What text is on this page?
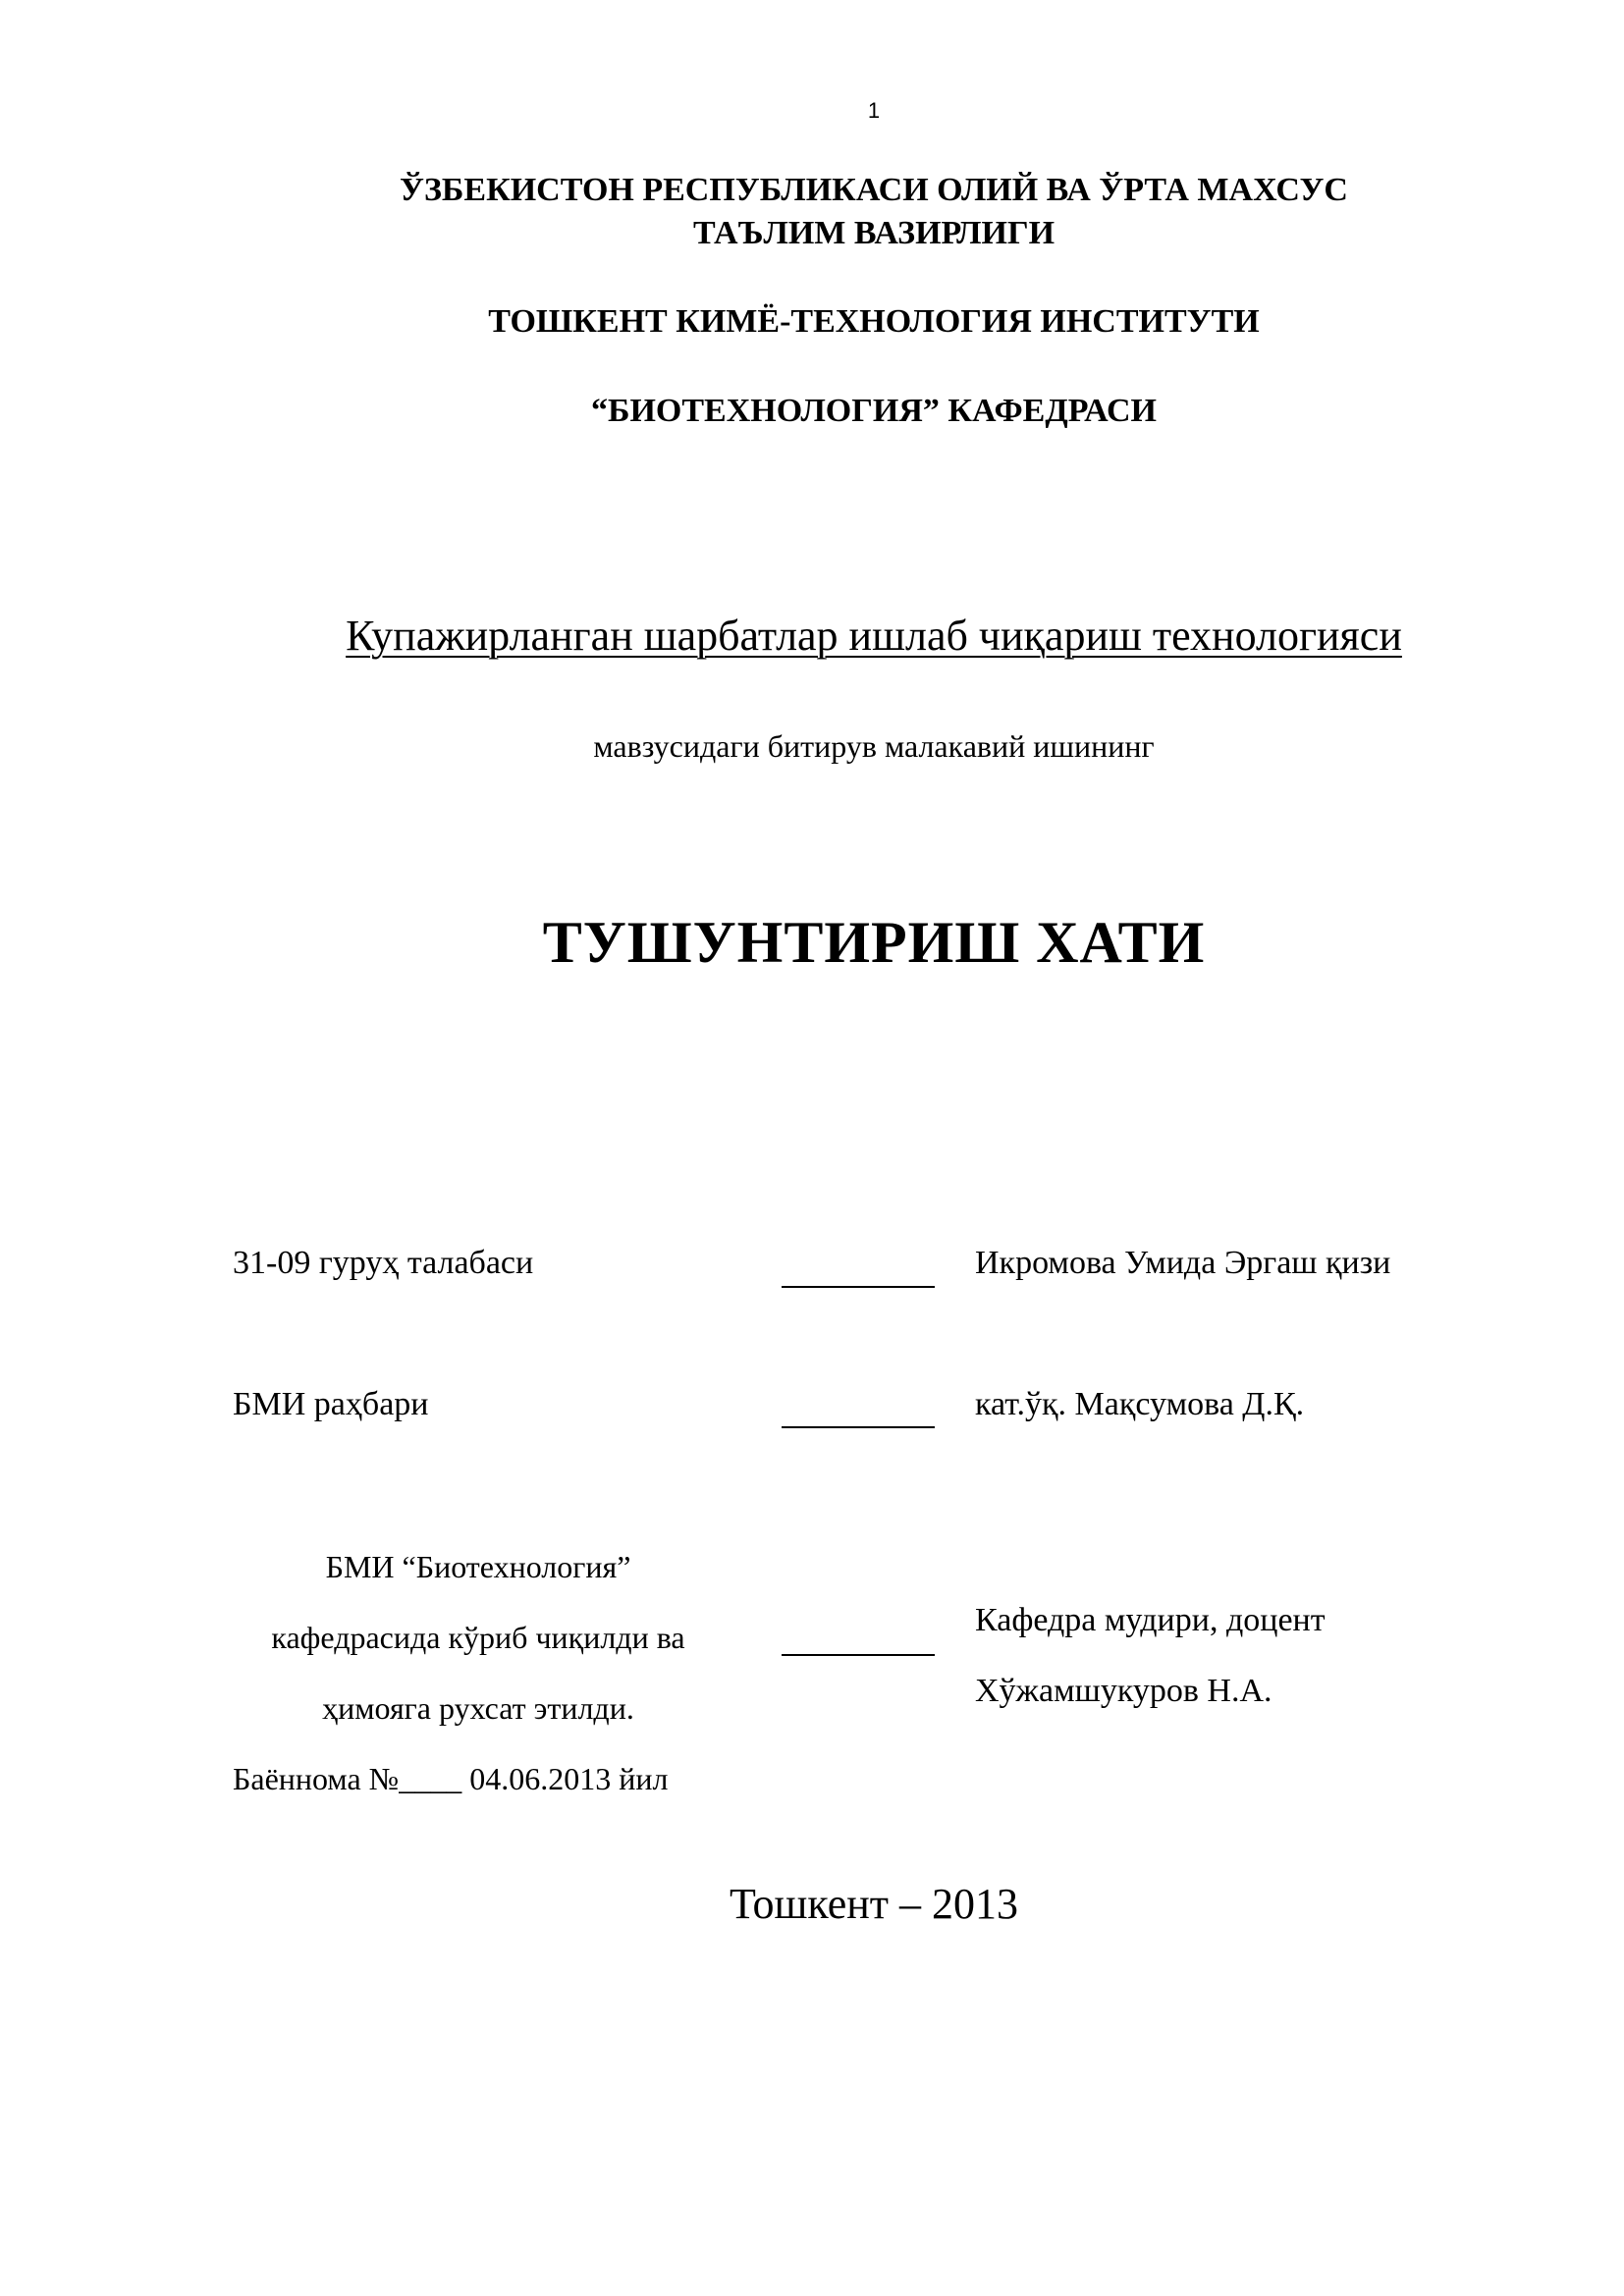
1
ЎЗБЕКИСТОН РЕСПУБЛИКАСИ ОЛИЙ ВА ЎРТА МАХСУС
ТАЪЛИМ ВАЗИРЛИГИ
ТОШКЕНТ КИМЁ-ТЕХНОЛОГИЯ ИНСТИТУТИ
“БИОТЕХНОЛОГИЯ” КАФЕДРАСИ
Купажирланган шарбатлар ишлаб чиқариш технологияси
мавзусидаги битирув малакавий ишининг
ТУШУНТИРИШ ХАТИ
31-09 гуруҳ талабаси	Икромова Умида Эргаш қизи
БМИ раҳбари	кат.ўқ. Мақсумова Д.Қ.
БМИ “Биотехнология”
кафедрасида кўриб чиқилди ва
ҳимояга рухсат этилди.
Баённома №____ 04.06.2013 йил
Кафедра мудири, доцент
Хўжамшукуров Н.А.
Тошкент – 2013
